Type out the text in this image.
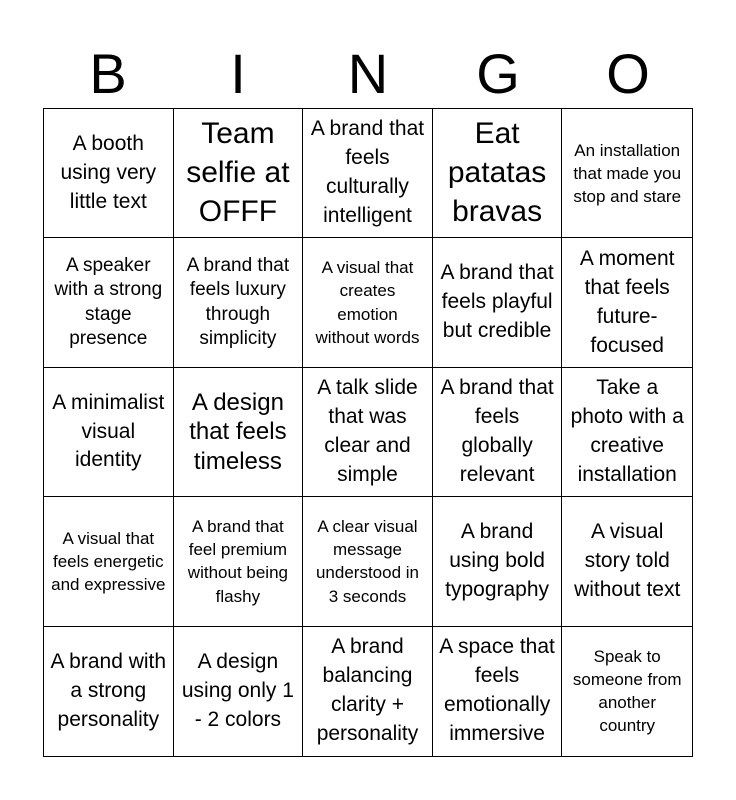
B	I	N	G	O
A booth using very little text
Team selfie at OFFF
A brand that feels culturally intelligent
Eat patatas bravas
An installation that made you stop and stare
A speaker with a strong stage presence
A brand that feels luxury through simplicity
A visual that creates emotion without words
A brand that feels playful but credible
A moment that feels future-focused
A minimalist visual identity
A design that feels timeless
A talk slide that was clear and simple
A brand that feels globally relevant
Take a photo with a creative installation
A visual that feels energetic and expressive
A brand that feel premium without being flashy
A clear visual message understood in 3 seconds
A brand using bold typography
A visual story told without text
A brand with a strong personality
A design using only 1 - 2 colors
A brand balancing clarity + personality
A space that feels emotionally immersive
Speak to someone from another country
